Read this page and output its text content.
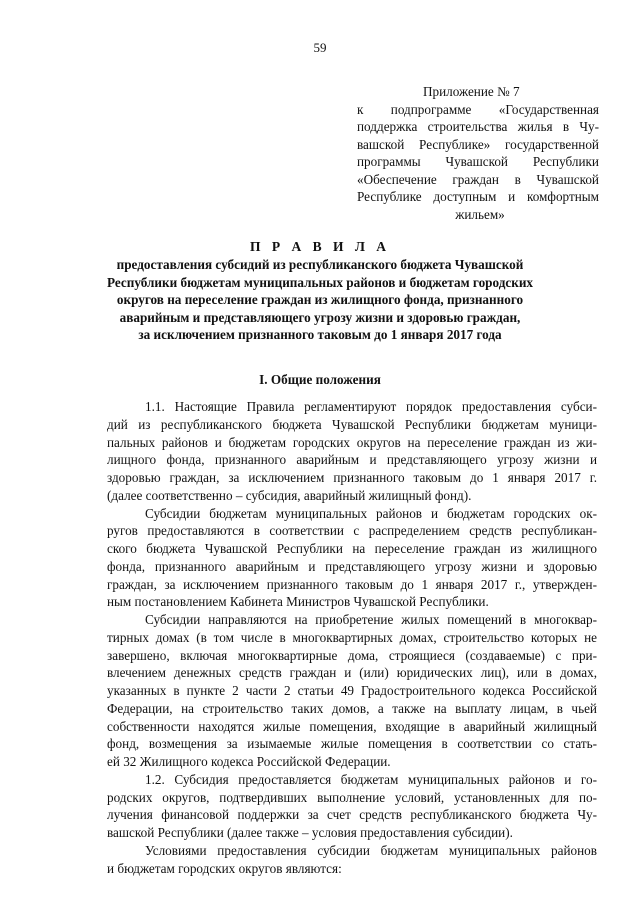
59
Приложение № 7
к подпрограмме «Государственная
поддержка строительства жилья в Чу-
вашской Республике» государственной
программы Чувашской Республики
«Обеспечение граждан в Чувашской
Республике доступным и комфортным
жильем»
П Р А В И Л А
предоставления субсидий из республиканского бюджета Чувашской
Республики бюджетам муниципальных районов и бюджетам городских
округов на переселение граждан из жилищного фонда, признанного
аварийным и представляющего угрозу жизни и здоровью граждан,
за исключением признанного таковым до 1 января 2017 года
I. Общие положения
1.1. Настоящие Правила регламентируют порядок предоставления субси-
дий из республиканского бюджета Чувашской Республики бюджетам муници-
пальных районов и бюджетам городских округов на переселение граждан из жи-
лищного фонда, признанного аварийным и представляющего угрозу жизни и
здоровью граждан, за исключением признанного таковым до 1 января 2017 г.
(далее соответственно – субсидия, аварийный жилищный фонд).
Субсидии бюджетам муниципальных районов и бюджетам городских ок-
ругов предоставляются в соответствии с распределением средств республикан-
ского бюджета Чувашской Республики на переселение граждан из жилищного
фонда, признанного аварийным и представляющего угрозу жизни и здоровью
граждан, за исключением признанного таковым до 1 января 2017 г., утвержден-
ным постановлением Кабинета Министров Чувашской Республики.
Субсидии направляются на приобретение жилых помещений в многоквар-
тирных домах (в том числе в многоквартирных домах, строительство которых не
завершено, включая многоквартирные дома, строящиеся (создаваемые) с при-
влечением денежных средств граждан и (или) юридических лиц), или в домах,
указанных в пункте 2 части 2 статьи 49 Градостроительного кодекса Российской
Федерации, на строительство таких домов, а также на выплату лицам, в чьей
собственности находятся жилые помещения, входящие в аварийный жилищный
фонд, возмещения за изымаемые жилые помещения в соответствии со стать-
ей 32 Жилищного кодекса Российской Федерации.
1.2. Субсидия предоставляется бюджетам муниципальных районов и го-
родских округов, подтвердивших выполнение условий, установленных для по-
лучения финансовой поддержки за счет средств республиканского бюджета Чу-
вашской Республики (далее также – условия предоставления субсидии).
Условиями предоставления субсидии бюджетам муниципальных районов
и бюджетам городских округов являются:
